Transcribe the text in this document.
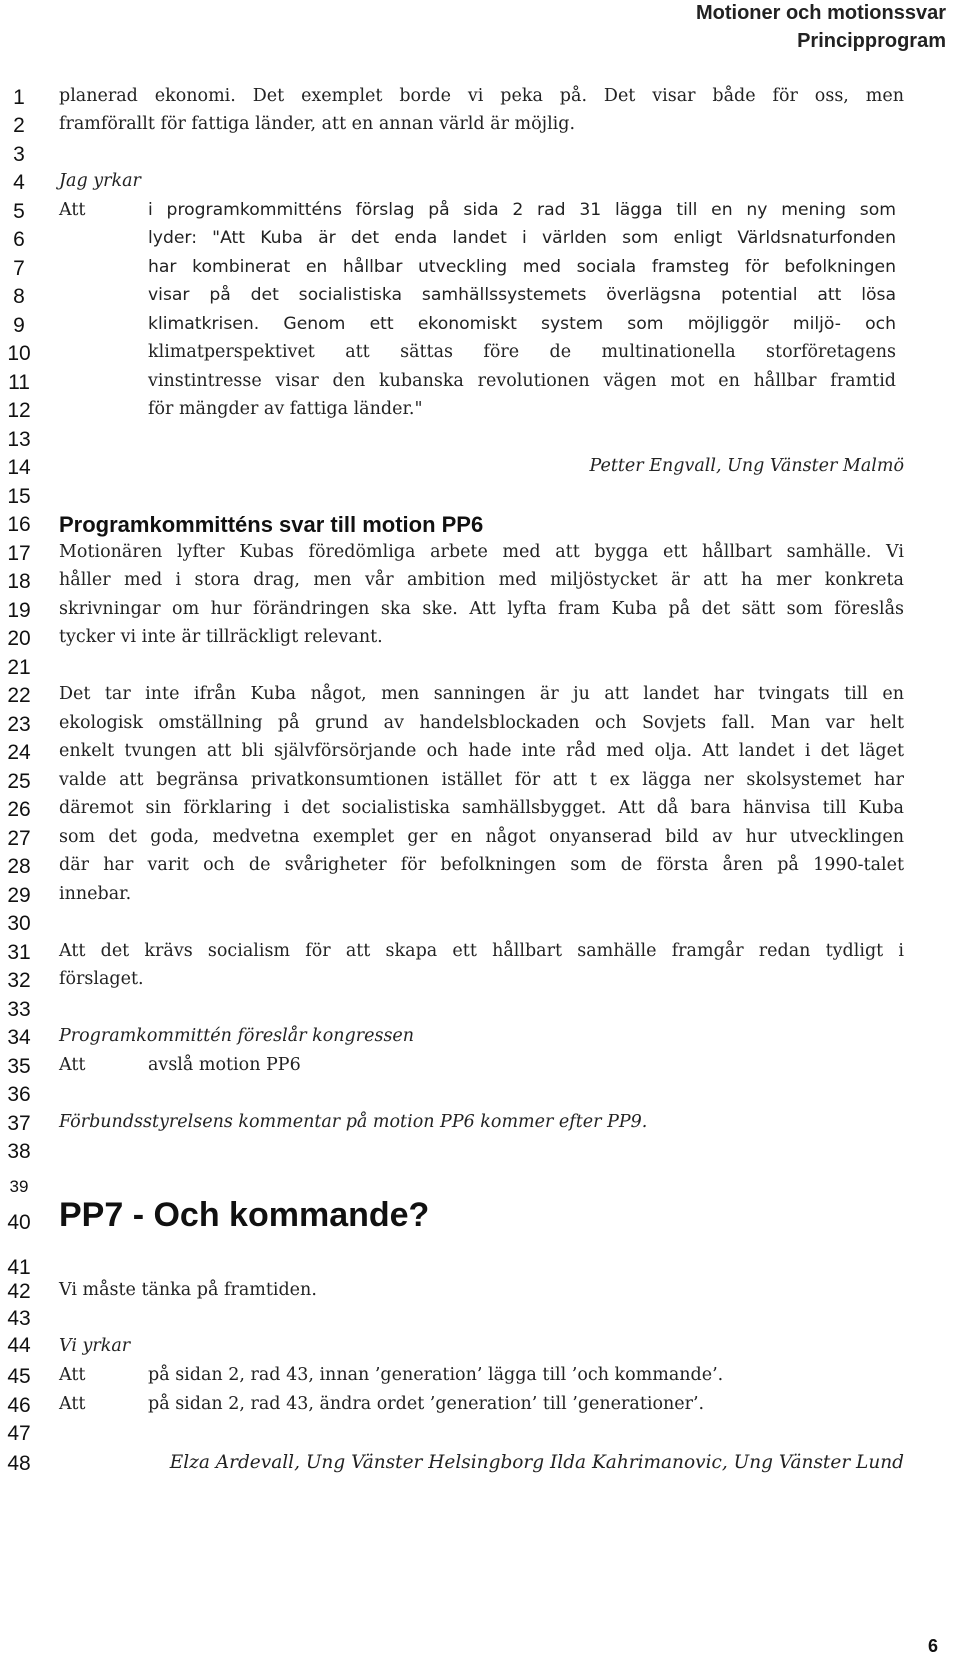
Motioner och motionssvar
Principprogram
1
2
3
4
5
6
7
8
9
10
11
12
13
14
15
16
17
18
19
20
21
22
23
24
25
26
27
28
29
30
31
32
33
34
35
36
37
38
39
40
41
42
43
44
45
46
47
48
planerad ekonomi. Det exemplet borde vi peka på. Det visar både för oss, men
framförallt för fattiga länder, att en annan värld är möjlig.
Jag yrkar
Att	i programkommitténs förslag på sida 2 rad 31 lägga till en ny mening som
lyder: "Att Kuba är det enda landet i världen som enligt Världsnaturfonden
har kombinerat en hållbar utveckling med sociala framsteg för befolkningen
visar på det socialistiska samhällssystemets överlägsna potential att lösa
klimatkrisen. Genom ett ekonomiskt system som möjliggör miljö- och
klimatperspektivet att sättas före de multinationella storföretagens
vinstintresse visar den kubanska revolutionen vägen mot en hållbar framtid
för mängder av fattiga länder."
Petter Engvall, Ung Vänster Malmö
Programkommitténs svar till motion PP6
Motionären lyfter Kubas föredömliga arbete med att bygga ett hållbart samhälle. Vi
håller med i stora drag, men vår ambition med miljöstycket är att ha mer konkreta
skrivningar om hur förändringen ska ske. Att lyfta fram Kuba på det sätt som föreslås
tycker vi inte är tillräckligt relevant.
Det tar inte ifrån Kuba något, men sanningen är ju att landet har tvingats till en
ekologisk omställning på grund av handelsblockaden och Sovjets fall. Man var helt
enkelt tvungen att bli självförsörjande och hade inte råd med olja. Att landet i det läget
valde att begränsa privatkonsumtionen istället för att t ex lägga ner skolsystemet har
däremot sin förklaring i det socialistiska samhällsbygget. Att då bara hänvisa till Kuba
som det goda, medvetna exemplet ger en något onyanserad bild av hur utvecklingen
där har varit och de svårigheter för befolkningen som de första åren på 1990-talet
innebar.
Att det krävs socialism för att skapa ett hållbart samhälle framgår redan tydligt i
förslaget.
Programkommittén föreslår kongressen
Att	avslå motion PP6
Förbundsstyrelsens kommentar på motion PP6 kommer efter PP9.
PP7 - Och kommande?
Vi måste tänka på framtiden.
Vi yrkar
Att	på sidan 2, rad 43, innan ’generation’ lägga till ’och kommande’.
Att	på sidan 2, rad 43, ändra ordet ’generation’ till ’generationer’.
Elza Ardevall, Ung Vänster Helsingborg Ilda Kahrimanovic, Ung Vänster Lund
6
